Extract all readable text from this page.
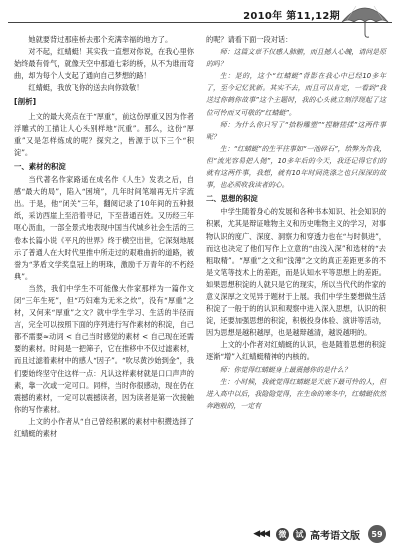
2010年 第11,12期

她就要背过那座桥去那个充满幸福的地方了。

对不起，红蜻蜓！其实我一直想对你说，在我心里你始终最有骨气，就像天空中那道七彩的桥，从不为谁而弯曲，却为每个人支起了通向自己梦想的路！

红蜻蜓，我放飞你的送去向你致敬！

[剖析]

上文的最大亮点在于“厚重”，前这份厚重又因为作者浮雕式的工描让人心头别样地“沉重”。那么，这份“厚重”又是怎样炼成的呢？探究之，皆源于以下三个“积淀”。

一、素材的积淀

当代著名作家路遥在成名作《人生》发表之后，自感“最大的局”，陷入“困境”，几年时间笔端再无片字流出。于是，他“闭关”三年，翻阅记录了10年间的五种报纸，采访西崖上至沿着寻记，下至普通百姓。又历经三年呕心沥血，一部全景式地表现中国当代城乡社会生活的三卷本长篇小说《平凡的世界》终于横空出世，它深刻地展示了普通人在大时代里推中所走过的艰难曲折的道路，被誉为“茅盾文学奖皇冠上的明珠，激励千万青年的不朽经典”。

当然，我们中学生不可能像大作家那样为一篇作文闭“三年生死”，但“巧妇难为无米之炊”，没有“厚重”之材，又何来“厚重”之文？就中学生学习、生活的半径而言，完全可以按照下面的序列进行写作素材的积淀，自己都不需要≈动词 < 自己当时感觉的素材 < 自己现在还需要的素材。时间是一把筛子，它在推移中不仅过滤素材，而且过滤着素材中的感人“因子”。“吹尽黄沙始到金”，我们要始终坚守住这样一点：凡认这样素材就是口口声声的素，靠一次或一定可口。同样，当时你很感动，现在仍在震撼的素材，一定可以震撼读者，因为读者是第一次接触你的写作素材。

上文的小作者从“自己曾经积累的素材中积攒选择了红蜻蜓的素材

的呢？请看下面一段对话：

师：这篇文章不仅感人肺腑，而且撼人心魄，请问是原的吗？

生：是的，这个“红蜻蜓”背影在我心中已经10多年了，至今记忆犹新。其实不去，而且可以肯定，一看到“我送过你鹤你故事”这个主题时，我的心头就立刻浮现起了这位可怜而又可敬的“红蜻蜓”。

师：为什么你只写了“拾粉雕塑”“捏糖搓揉”这两件事呢？

生：“红蜻蜓”的生平往事如“一池碎石”，给弊为告我，但“流光容易把人抛”，10多年后的今天，我还记得它们的就有这两件事，我想，就有10年时间洗涤之也只深深的故事，也必须收我读者的心。

二、思想的积淀

中学生随着身心的发展和各种书本知识、社会知识的积累，尤其是辩证唯物主义和历史唯物主义的学习，对事物认识的度广、深度、洞察力和穿透力也在“与时俱进”，而这也决定了他们写作上立意的“由浅入深”和选材的“去粗取精”。“厚重”之文和“浅薄”之文的真正差距更多的不是文笔等技术上的差距，而是认知水平等思想上的差距。如果思想积淀的人就只是它的现实，所以当代代的作家的意义深厚之文见异于题材于上展。我们中学生要想做生活积淀了一般于的的认识和观察中进入深入思想，认识的积淀，还要加强思想的积淀，积极投身体验、演讲等活动，因为思想是越积越厚，也是越辩越清，越说越明的。

上文的小作者对红蜻蜓的认识，也是随着思想的积淀逐渐“增”入红蜻蜓精神的内核的。

师：你觉得红蜻蜓身上最震撼你的是什么？

生：小时候，我就觉得红蜻蜓是天底下最可怜的人，但进入高中以后，我隐隐觉得，在生命的寒冬中，红蜻蜓依然奔跑般的，一定有

◀◀◀	微	试 高考语文版	59
